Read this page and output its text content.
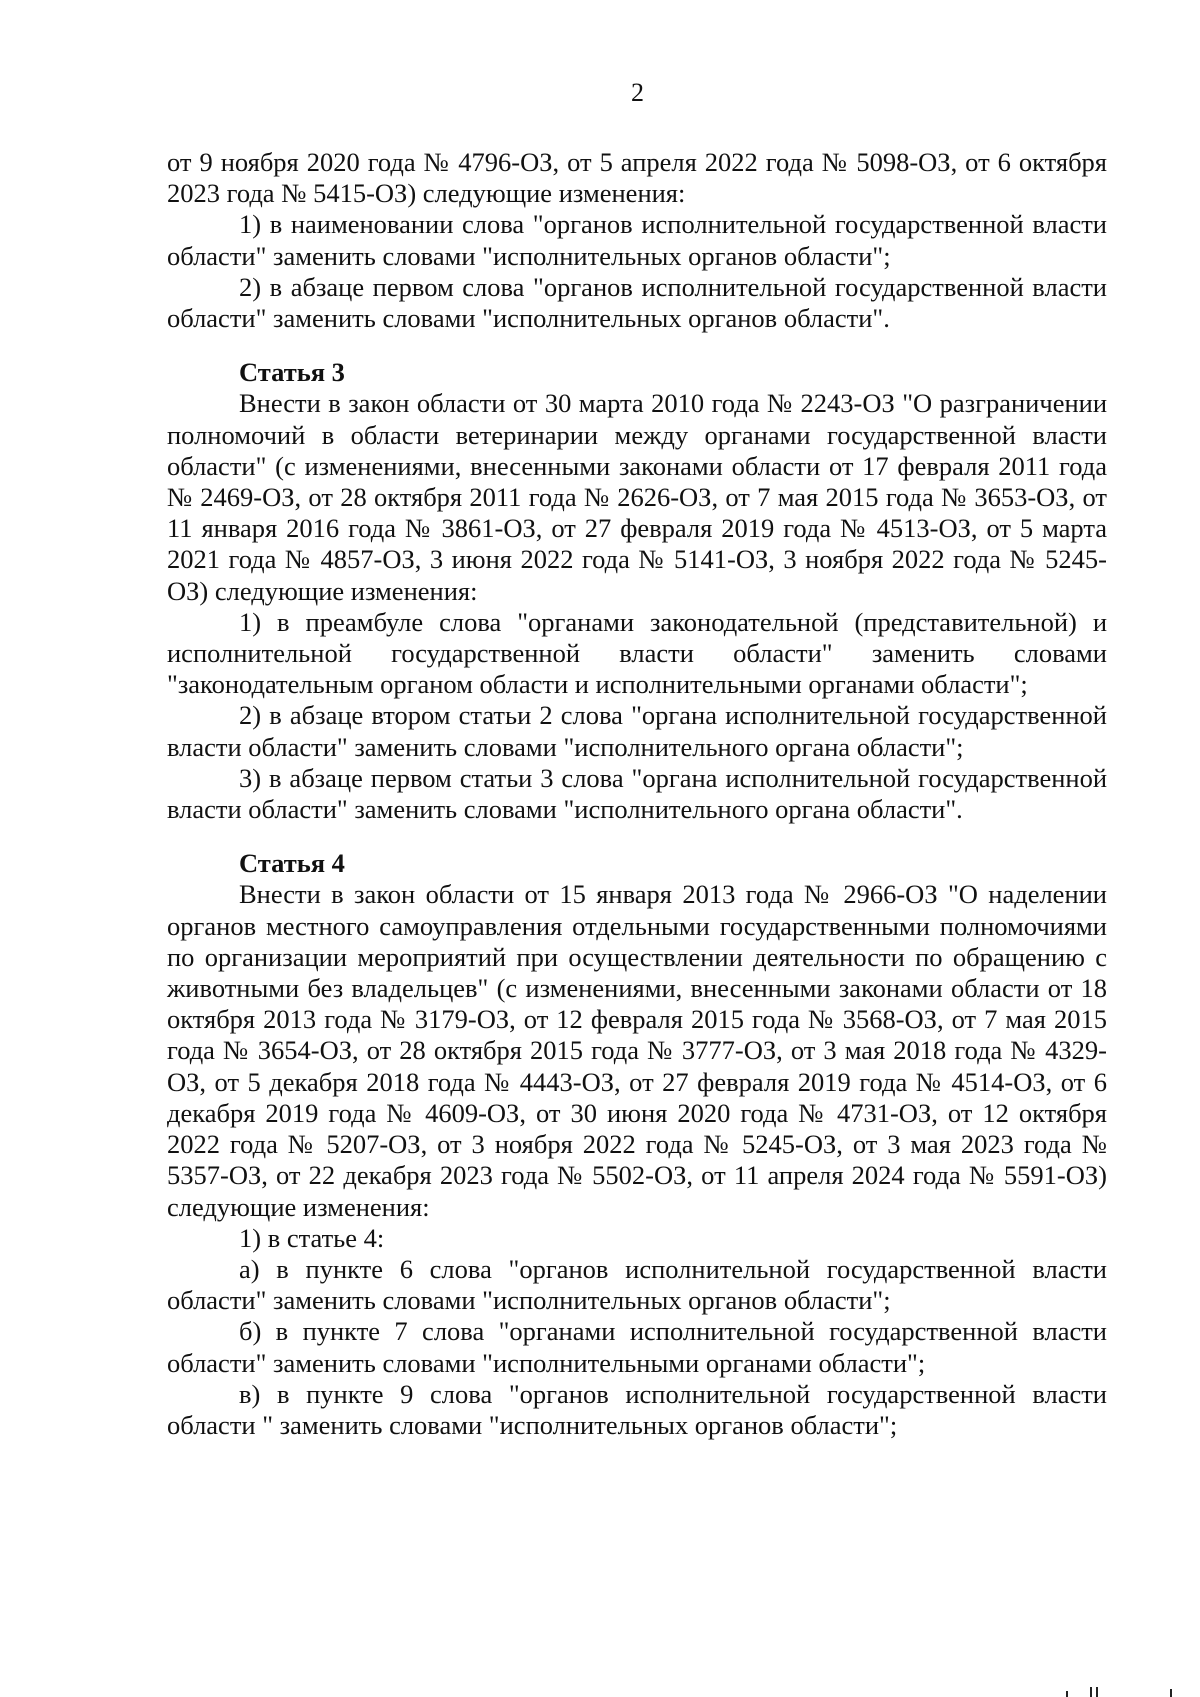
2

от 9 ноября 2020 года № 4796-ОЗ, от 5 апреля 2022 года № 5098-ОЗ, от 6 октября 2023 года № 5415-ОЗ) следующие изменения:

1) в наименовании слова "органов исполнительной государственной власти области" заменить словами "исполнительных органов области";

2) в абзаце первом слова "органов исполнительной государственной власти области" заменить словами "исполнительных органов области".

Статья 3

Внести в закон области от 30 марта 2010 года № 2243-ОЗ "О разграничении полномочий в области ветеринарии между органами государственной власти области" (с изменениями, внесенными законами области от 17 февраля 2011 года № 2469-ОЗ, от 28 октября 2011 года № 2626-ОЗ, от 7 мая 2015 года № 3653-ОЗ, от 11 января 2016 года № 3861-ОЗ, от 27 февраля 2019 года № 4513-ОЗ, от 5 марта 2021 года № 4857-ОЗ, 3 июня 2022 года № 5141-ОЗ, 3 ноября 2022 года № 5245-ОЗ) следующие изменения:

1) в преамбуле слова "органами законодательной (представительной) и исполнительной государственной власти области" заменить словами "законодательным органом области и исполнительными органами области";

2) в абзаце втором статьи 2 слова "органа исполнительной государственной власти области" заменить словами "исполнительного органа области";

3) в абзаце первом статьи 3 слова "органа исполнительной государственной власти области" заменить словами "исполнительного органа области".

Статья 4

Внести в закон области от 15 января 2013 года № 2966-ОЗ "О наделении органов местного самоуправления отдельными государственными полномочиями по организации мероприятий при осуществлении деятельности по обращению с животными без владельцев" (с изменениями, внесенными законами области от 18 октября 2013 года № 3179-ОЗ, от 12 февраля 2015 года № 3568-ОЗ, от 7 мая 2015 года № 3654-ОЗ, от 28 октября 2015 года № 3777-ОЗ, от 3 мая 2018 года № 4329-ОЗ, от 5 декабря 2018 года № 4443-ОЗ, от 27 февраля 2019 года № 4514-ОЗ, от 6 декабря 2019 года № 4609-ОЗ, от 30 июня 2020 года № 4731-ОЗ, от 12 октября 2022 года № 5207-ОЗ, от 3 ноября 2022 года № 5245-ОЗ, от 3 мая 2023 года № 5357-ОЗ, от 22 декабря 2023 года № 5502-ОЗ, от 11 апреля 2024 года № 5591-ОЗ) следующие изменения:

1) в статье 4:

а) в пункте 6 слова "органов исполнительной государственной власти области" заменить словами "исполнительных органов области";

б) в пункте 7 слова "органами исполнительной государственной власти области" заменить словами "исполнительными органами области";

в) в пункте 9 слова "органов исполнительной государственной власти области " заменить словами "исполнительных органов области";
